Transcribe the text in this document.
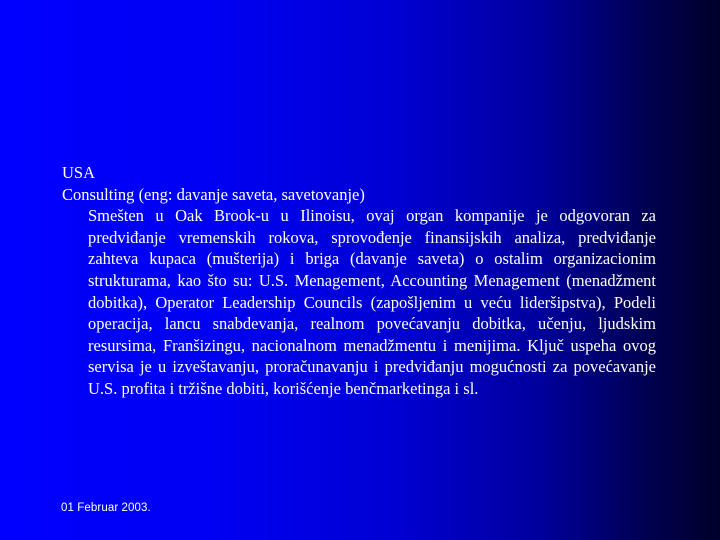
USA
Consulting (eng: davanje saveta, savetovanje)
Smešten u Oak Brook-u u Ilinoisu, ovaj organ kompanije je odgovoran za predviđanje vremenskih rokova, sprovođenje finansijskih analiza, predviđanje zahteva kupaca (mušterija) i briga (davanje saveta) o ostalim organizacionim strukturama, kao što su: U.S. Menagement, Accounting Menagement (menadžment dobitka), Operator Leadership Councils (zapošljenim u veću lideršipstva), Podeli operacija, lancu snabdevanja, realnom povećavanju dobitka, učenju, ljudskim resursima, Franšizingu, nacionalnom menadžmentu i menijima. Ključ uspeha ovog servisa je u izveštavanju, proračunavanju i predviđanju mogućnosti za povećavanje U.S. profita i tržišne dobiti, korišćenje benčmarketinga i sl.
01 Februar 2003.
